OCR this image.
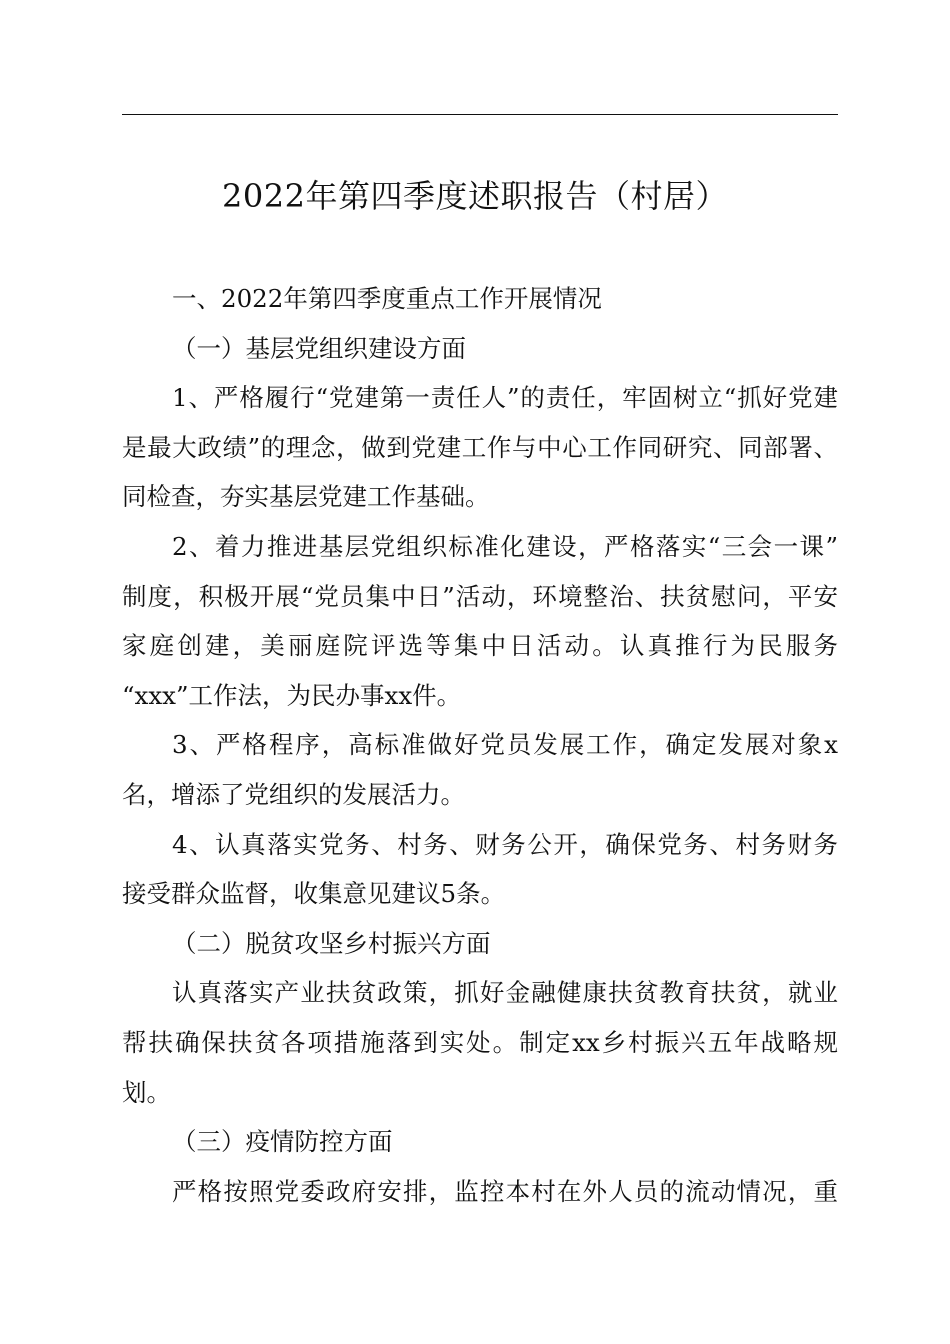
2022年第四季度述职报告（村居）

一、2022年第四季度重点工作开展情况

（一）基层党组织建设方面

1、严格履行“党建第一责任人”的责任，牢固树立“抓好党建
是最大政绩”的理念，做到党建工作与中心工作同研究、同部署、
同检查，夯实基层党建工作基础。

2、着力推进基层党组织标准化建设，严格落实“三会一课”
制度，积极开展“党员集中日”活动，环境整治、扶贫慰问，平安
家庭创建，美丽庭院评选等集中日活动。认真推行为民服务
“xxx”工作法，为民办事xx件。

3、严格程序，高标准做好党员发展工作，确定发展对象x
名，增添了党组织的发展活力。

4、认真落实党务、村务、财务公开，确保党务、村务财务
接受群众监督，收集意见建议5条。

（二）脱贫攻坚乡村振兴方面

认真落实产业扶贫政策，抓好金融健康扶贫教育扶贫，就业
帮扶确保扶贫各项措施落到实处。制定xx乡村振兴五年战略规
划。

（三）疫情防控方面

严格按照党委政府安排，监控本村在外人员的流动情况，重
